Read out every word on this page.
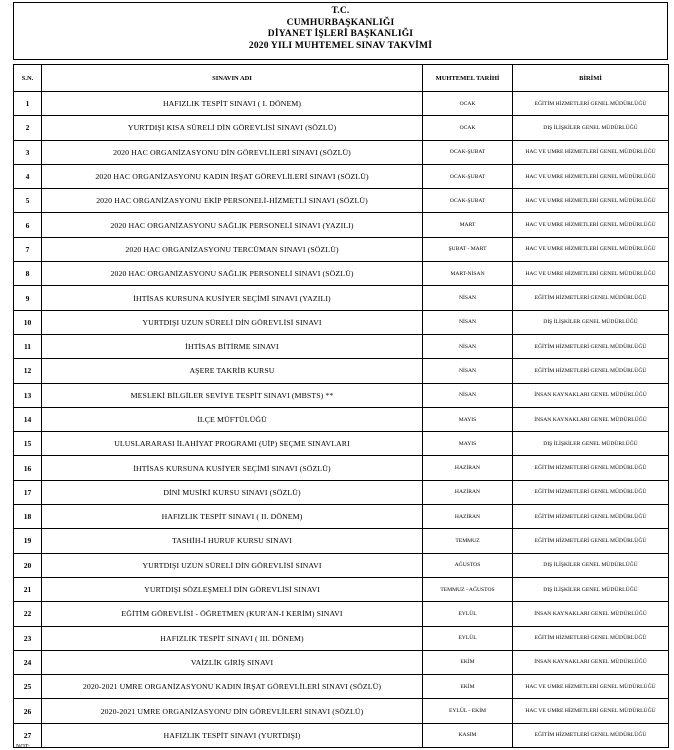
T.C.
CUMHURBAŞKANLIĞI
DİYANET İŞLERİ BAŞKANLIĞI
2020 YILI MUHTEMEL SINAV TAKVİMİ
S.N.	SINAVIN ADI	MUHTEMEL TARİHİ	BİRİMİ
1	HAFIZLIK TESPİT SINAVI ( I. DÖNEM)	OCAK	EĞİTİM HİZMETLERİ GENEL MÜDÜRLÜĞÜ
2	YURTDIŞI KISA SÜRELİ DİN GÖREVLİSİ SINAVI (SÖZLÜ)	OCAK	DIŞ İLİŞKİLER GENEL MÜDÜRLÜĞÜ
3	2020 HAC ORGANİZASYONU DİN GÖREVLİLERİ SINAVI (SÖZLÜ)	OCAK-ŞUBAT	HAC VE UMRE HİZMETLERİ GENEL MÜDÜRLÜĞÜ
4	2020 HAC ORGANİZASYONU KADIN İRŞAT GÖREVLİLERİ SINAVI (SÖZLÜ)	OCAK-ŞUBAT	HAC VE UMRE HİZMETLERİ GENEL MÜDÜRLÜĞÜ
5	2020 HAC ORGANİZASYONU EKİP PERSONELİ-HİZMETLİ SINAVI (SÖZLÜ)	OCAK-ŞUBAT	HAC VE UMRE HİZMETLERİ GENEL MÜDÜRLÜĞÜ
6	2020 HAC ORGANİZASYONU SAĞLIK PERSONELİ SINAVI (YAZILI)	MART	HAC VE UMRE HİZMETLERİ GENEL MÜDÜRLÜĞÜ
7	2020 HAC ORGANİZASYONU TERCÜMAN SINAVI (SÖZLÜ)	ŞUBAT - MART	HAC VE UMRE HİZMETLERİ GENEL MÜDÜRLÜĞÜ
8	2020 HAC ORGANİZASYONU SAĞLIK PERSONELİ SINAVI (SÖZLÜ)	MART-NİSAN	HAC VE UMRE HİZMETLERİ GENEL MÜDÜRLÜĞÜ
9	İHTİSAS KURSUNA KUSİYER SEÇİMİ SINAVI (YAZILI)	NİSAN	EĞİTİM HİZMETLERİ GENEL MÜDÜRLÜĞÜ
10	YURTDIŞI UZUN SÜRELİ DİN GÖREVLİSİ SINAVI	NİSAN	DIŞ İLİŞKİLER GENEL MÜDÜRLÜĞÜ
11	İHTİSAS BİTİRME SINAVI	NİSAN	EĞİTİM HİZMETLERİ GENEL MÜDÜRLÜĞÜ
12	AŞERE TAKRİB KURSU	NİSAN	EĞİTİM HİZMETLERİ GENEL MÜDÜRLÜĞÜ
13	MESLEKİ BİLGİLER SEVİYE TESPİT SINAVI (MBSTS) **	NİSAN	İNSAN KAYNAKLARI GENEL MÜDÜRLÜĞÜ
14	İLÇE MÜFTÜLÜĞÜ	MAYIS	İNSAN KAYNAKLARI GENEL MÜDÜRLÜĞÜ
15	ULUSLARARASI İLAHİYAT PROGRAMI (UİP) SEÇME SINAVLARI	MAYIS	DIŞ İLİŞKİLER GENEL MÜDÜRLÜĞÜ
16	İHTİSAS KURSUNA KUSİYER SEÇİMİ SINAVI (SÖZLÜ)	HAZİRAN	EĞİTİM HİZMETLERİ GENEL MÜDÜRLÜĞÜ
17	DİNİ MUSİKİ KURSU SINAVI (SÖZLÜ)	HAZİRAN	EĞİTİM HİZMETLERİ GENEL MÜDÜRLÜĞÜ
18	HAFIZLIK TESPİT SINAVI ( II. DÖNEM)	HAZİRAN	EĞİTİM HİZMETLERİ GENEL MÜDÜRLÜĞÜ
19	TASHİH-İ HURUF KURSU SINAVI	TEMMUZ	EĞİTİM HİZMETLERİ GENEL MÜDÜRLÜĞÜ
20	YURTDIŞI UZUN SÜRELİ DİN GÖREVLİSİ SINAVI	AĞUSTOS	DIŞ İLİŞKİLER GENEL MÜDÜRLÜĞÜ
21	YURTDIŞI SÖZLEŞMELİ DİN GÖREVLİSİ SINAVI	TEMMUZ - AĞUSTOS	DIŞ İLİŞKİLER GENEL MÜDÜRLÜĞÜ
22	EĞİTİM GÖREVLİSİ - ÖĞRETMEN (KUR'AN-I KERİM) SINAVI	EYLÜL	İNSAN KAYNAKLARI GENEL MÜDÜRLÜĞÜ
23	HAFIZLIK TESPİT SINAVI ( III. DÖNEM)	EYLÜL	EĞİTİM HİZMETLERİ GENEL MÜDÜRLÜĞÜ
24	VAİZLİK GİRİŞ SINAVI	EKİM	İNSAN KAYNAKLARI GENEL MÜDÜRLÜĞÜ
25	2020-2021 UMRE ORGANİZASYONU KADIN İRŞAT GÖREVLİLERİ SINAVI (SÖZLÜ)	EKİM	HAC VE UMRE HİZMETLERİ GENEL MÜDÜRLÜĞÜ
26	2020-2021 UMRE ORGANİZASYONU DİN GÖREVLİLERİ SINAVI (SÖZLÜ)	EYLÜL - EKİM	HAC VE UMRE HİZMETLERİ GENEL MÜDÜRLÜĞÜ
27	HAFIZLIK TESPİT SINAVI (YURTDIŞI)	KASIM	EĞİTİM HİZMETLERİ GENEL MÜDÜRLÜĞÜ
NOT:
